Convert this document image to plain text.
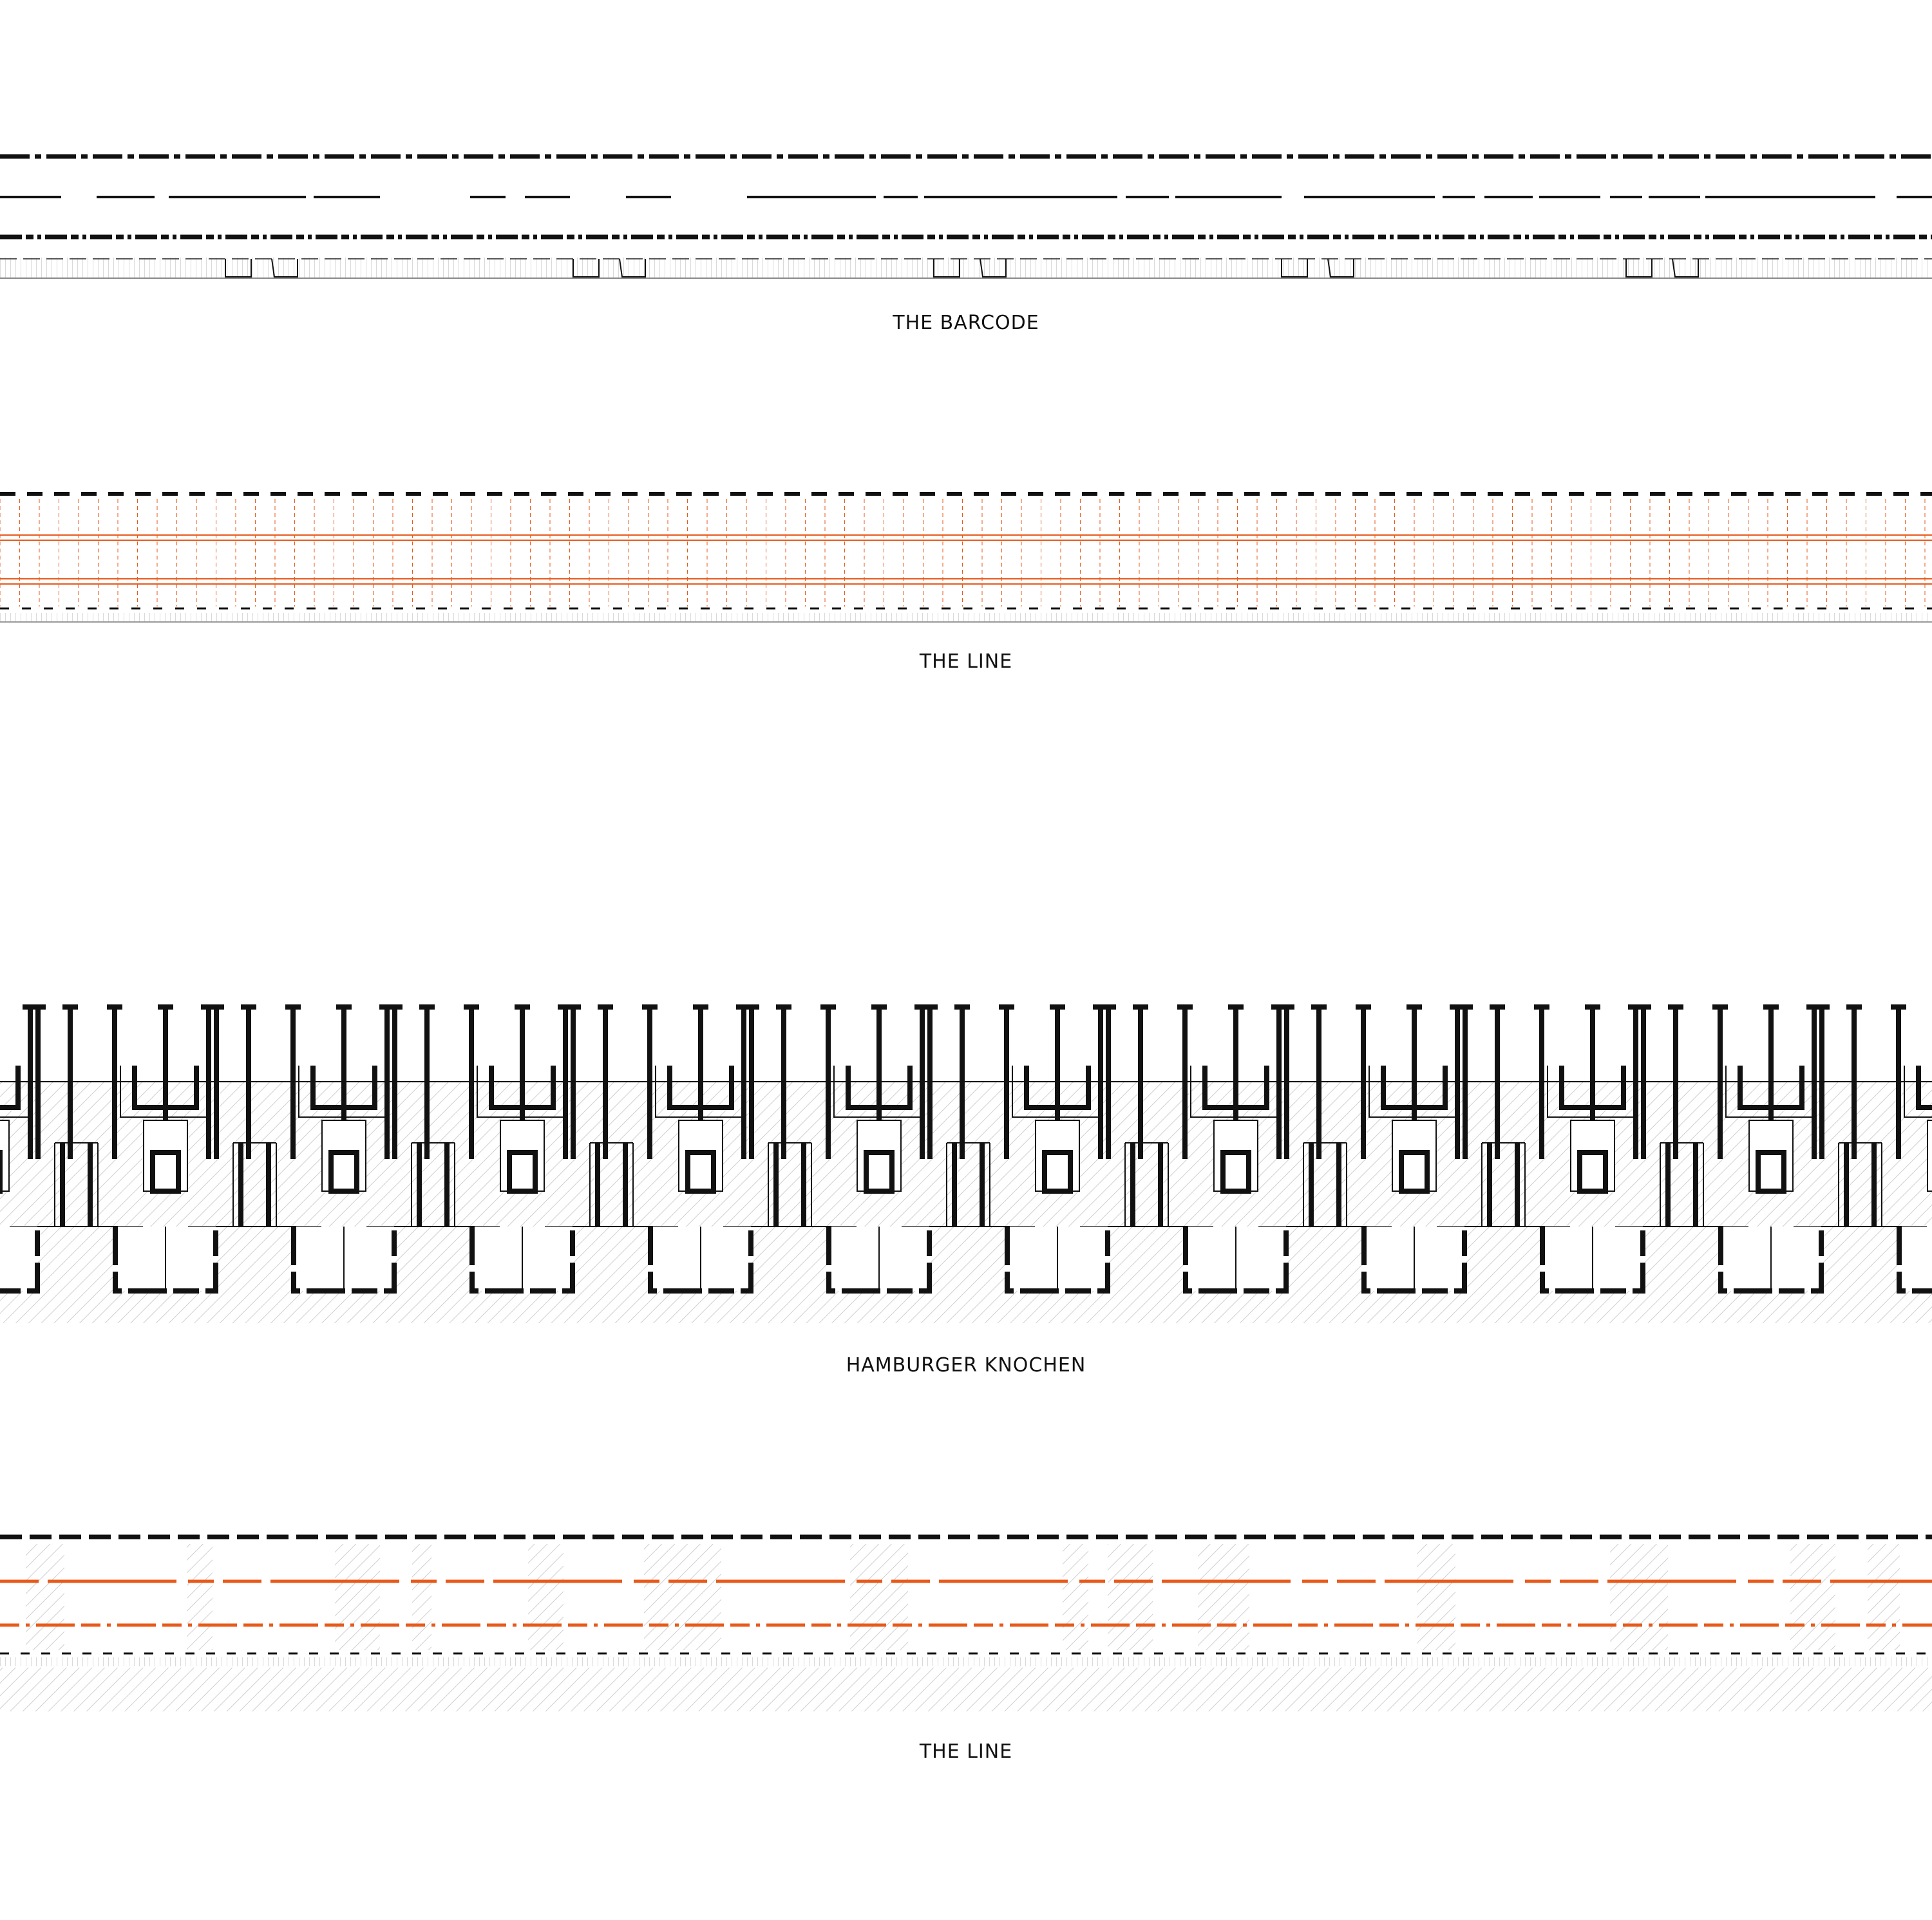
THE BARCODE
THE LINE
HAMBURGER KNOCHEN
THE LINE
